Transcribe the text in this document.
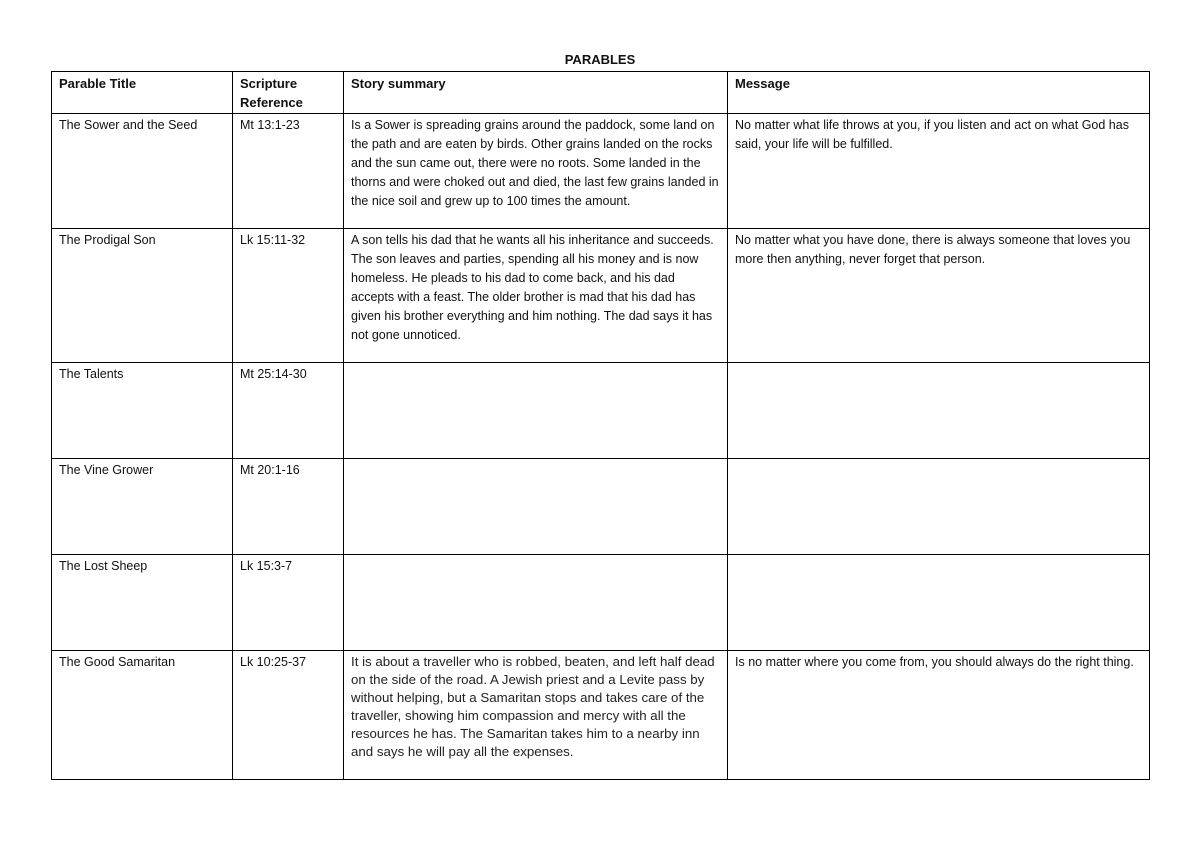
PARABLES
Parable Title	Scripture Reference	Story summary	Message
The Sower and the Seed	Mt 13:1-23	Is a Sower is spreading grains around the paddock, some land on the path and are eaten by birds. Other grains landed on the rocks and the sun came out, there were no roots. Some landed in the thorns and were choked out and died, the last few grains landed in the nice soil and grew up to 100 times the amount.	No matter what life throws at you, if you listen and act on what God has said, your life will be fulfilled.
The Prodigal Son	Lk 15:11-32	A son tells his dad that he wants all his inheritance and succeeds. The son leaves and parties, spending all his money and is now homeless. He pleads to his dad to come back, and his dad accepts with a feast. The older brother is mad that his dad has given his brother everything and him nothing. The dad says it has not gone unnoticed.	No matter what you have done, there is always someone that loves you more then anything, never forget that person.
The Talents	Mt 25:14-30		
The Vine Grower	Mt 20:1-16		
The Lost Sheep	Lk 15:3-7		
The Good Samaritan	Lk 10:25-37	It is about a traveller who is robbed, beaten, and left half dead on the side of the road. A Jewish priest and a Levite pass by without helping, but a Samaritan stops and takes care of the traveller, showing him compassion and mercy with all the resources he has. The Samaritan takes him to a nearby inn and says he will pay all the expenses.	Is no matter where you come from, you should always do the right thing.
